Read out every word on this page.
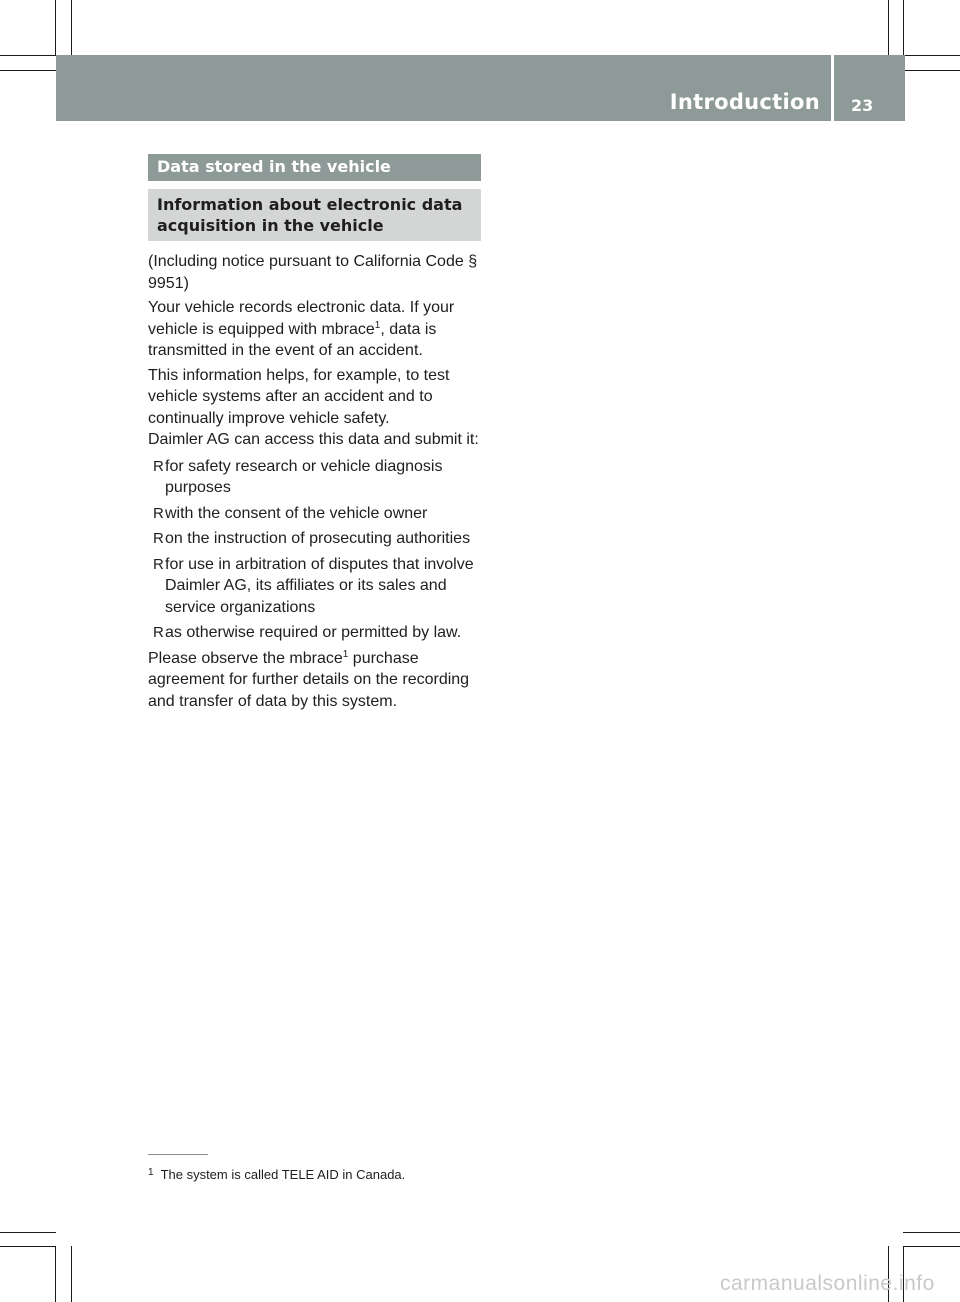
Introduction 23
Data stored in the vehicle
Information about electronic data acquisition in the vehicle

(Including notice pursuant to California Code § 9951)

Your vehicle records electronic data. If your vehicle is equipped with mbrace$^1$, data is transmitted in the event of an accident.

This information helps, for example, to test vehicle systems after an accident and to continually improve vehicle safety.

Daimler AG can access this data and submit it:

R for safety research or vehicle diagnosis purposes
R with the consent of the vehicle owner
R on the instruction of prosecuting authorities
R for use in arbitration of disputes that involve Daimler AG, its affiliates or its sales and service organizations
R as otherwise required or permitted by law.

Please observe the mbrace$^1$ purchase agreement for further details on the recording and transfer of data by this system.

$^1$ The system is called TELE AID in Canada.
carmanualsonline.info
